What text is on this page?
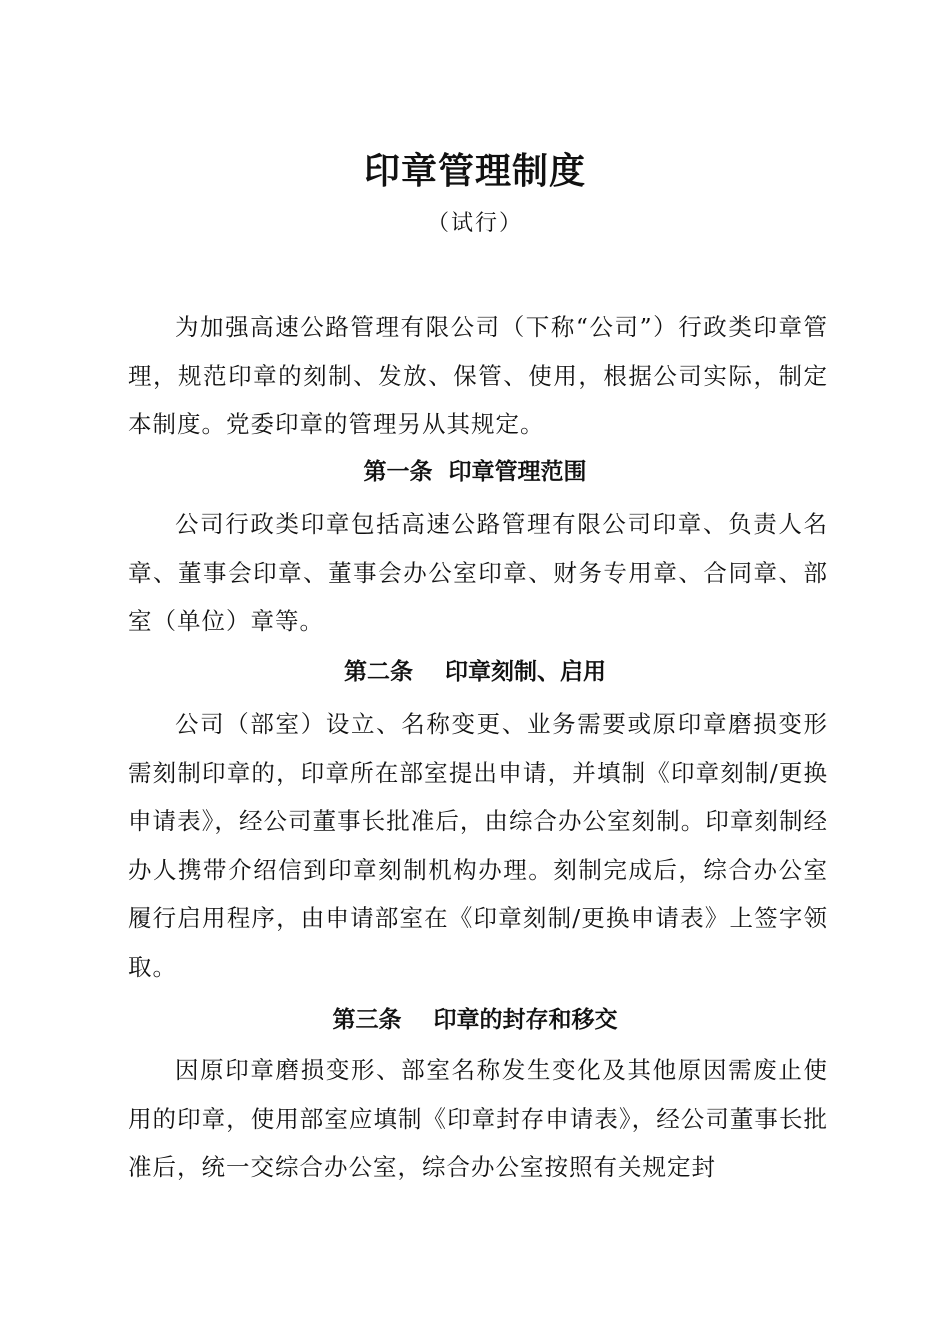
印章管理制度
（试行）

为加强高速公路管理有限公司（下称“公司”）行政类印章管理，规范印章的刻制、发放、保管、使用，根据公司实际，制定本制度。党委印章的管理另从其规定。

第一条  印章管理范围

公司行政类印章包括高速公路管理有限公司印章、负责人名章、董事会印章、董事会办公室印章、财务专用章、合同章、部室（单位）章等。

第二条    印章刻制、启用

公司（部室）设立、名称变更、业务需要或原印章磨损变形需刻制印章的，印章所在部室提出申请，并填制《印章刻制/更换申请表》，经公司董事长批准后，由综合办公室刻制。印章刻制经办人携带介绍信到印章刻制机构办理。刻制完成后，综合办公室履行启用程序，由申请部室在《印章刻制/更换申请表》上签字领取。

第三条    印章的封存和移交

因原印章磨损变形、部室名称发生变化及其他原因需废止使用的印章，使用部室应填制《印章封存申请表》，经公司董事长批准后，统一交综合办公室，综合办公室按照有关规定封
